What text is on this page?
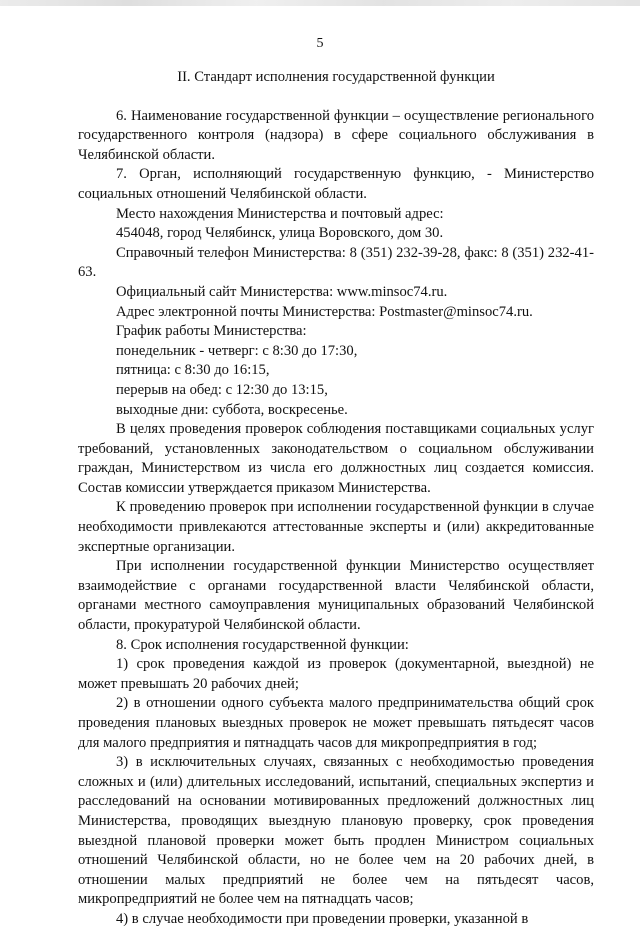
5
II. Стандарт исполнения государственной функции

6. Наименование государственной функции – осуществление регионального государственного контроля (надзора) в сфере социального обслуживания в Челябинской области.

7. Орган, исполняющий государственную функцию, - Министерство социальных отношений Челябинской области.

Место нахождения Министерства и почтовый адрес:

454048, город Челябинск, улица Воровского, дом 30.

Справочный телефон Министерства: 8 (351) 232-39-28, факс: 8 (351) 232-41-63.

Официальный сайт Министерства: www.minsoc74.ru.

Адрес электронной почты Министерства: Postmaster@minsoc74.ru.

График работы Министерства:

понедельник - четверг: с 8:30 до 17:30,

пятница: с 8:30 до 16:15,

перерыв на обед: с 12:30 до 13:15,

выходные дни: суббота, воскресенье.

В целях проведения проверок соблюдения поставщиками социальных услуг требований, установленных законодательством о социальном обслуживании граждан, Министерством из числа его должностных лиц создается комиссия. Состав комиссии утверждается приказом Министерства.

К проведению проверок при исполнении государственной функции в случае необходимости привлекаются аттестованные эксперты и (или) аккредитованные экспертные организации.

При исполнении государственной функции Министерство осуществляет взаимодействие с органами государственной власти Челябинской области, органами местного самоуправления муниципальных образований Челябинской области, прокуратурой Челябинской области.

8. Срок исполнения государственной функции:

1) срок проведения каждой из проверок (документарной, выездной) не может превышать 20 рабочих дней;

2) в отношении одного субъекта малого предпринимательства общий срок проведения плановых выездных проверок не может превышать пятьдесят часов для малого предприятия и пятнадцать часов для микропредприятия в год;

3) в исключительных случаях, связанных с необходимостью проведения сложных и (или) длительных исследований, испытаний, специальных экспертиз и расследований на основании мотивированных предложений должностных лиц Министерства, проводящих выездную плановую проверку, срок проведения выездной плановой проверки может быть продлен Министром социальных отношений Челябинской области, но не более чем на 20 рабочих дней, в отношении малых предприятий не более чем на пятьдесят часов, микропредприятий не более чем на пятнадцать часов;

4) в случае необходимости при проведении проверки, указанной в
